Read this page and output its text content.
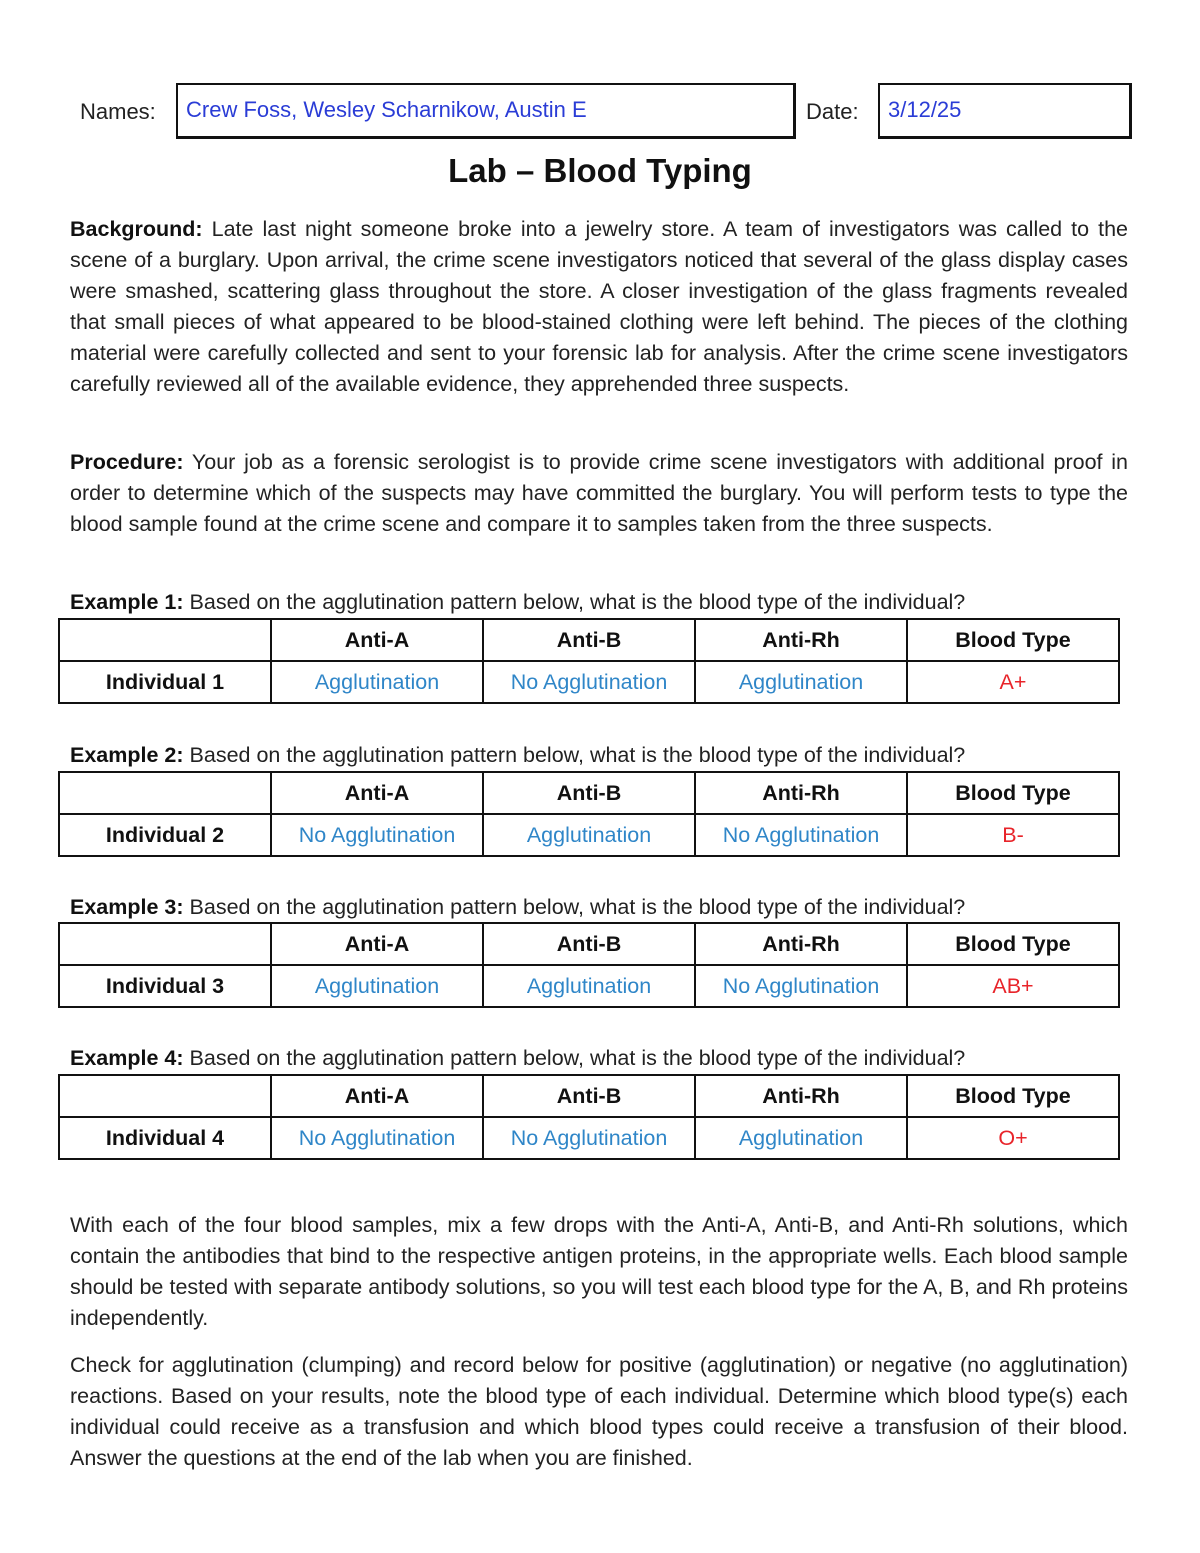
Names:	Crew Foss, Wesley Scharnikow, Austin E	Date:	3/12/25
Lab – Blood Typing

Background: Late last night someone broke into a jewelry store. A team of investigators was called to the scene of a burglary. Upon arrival, the crime scene investigators noticed that several of the glass display cases were smashed, scattering glass throughout the store. A closer investigation of the glass fragments revealed that small pieces of what appeared to be blood-stained clothing were left behind. The pieces of the clothing material were carefully collected and sent to your forensic lab for analysis. After the crime scene investigators carefully reviewed all of the available evidence, they apprehended three suspects.

Procedure: Your job as a forensic serologist is to provide crime scene investigators with additional proof in order to determine which of the suspects may have committed the burglary. You will perform tests to type the blood sample found at the crime scene and compare it to samples taken from the three suspects.

Example 1: Based on the agglutination pattern below, what is the blood type of the individual?

	Anti-A	Anti-B	Anti-Rh	Blood Type
Individual 1	Agglutination	No Agglutination	Agglutination	A+

Example 2: Based on the agglutination pattern below, what is the blood type of the individual?

	Anti-A	Anti-B	Anti-Rh	Blood Type
Individual 2	No Agglutination	Agglutination	No Agglutination	B-

Example 3: Based on the agglutination pattern below, what is the blood type of the individual?

	Anti-A	Anti-B	Anti-Rh	Blood Type
Individual 3	Agglutination	Agglutination	No Agglutination	AB+

Example 4: Based on the agglutination pattern below, what is the blood type of the individual?

	Anti-A	Anti-B	Anti-Rh	Blood Type
Individual 4	No Agglutination	No Agglutination	Agglutination	O+

With each of the four blood samples, mix a few drops with the Anti-A, Anti-B, and Anti-Rh solutions, which contain the antibodies that bind to the respective antigen proteins, in the appropriate wells. Each blood sample should be tested with separate antibody solutions, so you will test each blood type for the A, B, and Rh proteins independently.

Check for agglutination (clumping) and record below for positive (agglutination) or negative (no agglutination) reactions. Based on your results, note the blood type of each individual. Determine which blood type(s) each individual could receive as a transfusion and which blood types could receive a transfusion of their blood. Answer the questions at the end of the lab when you are finished.
